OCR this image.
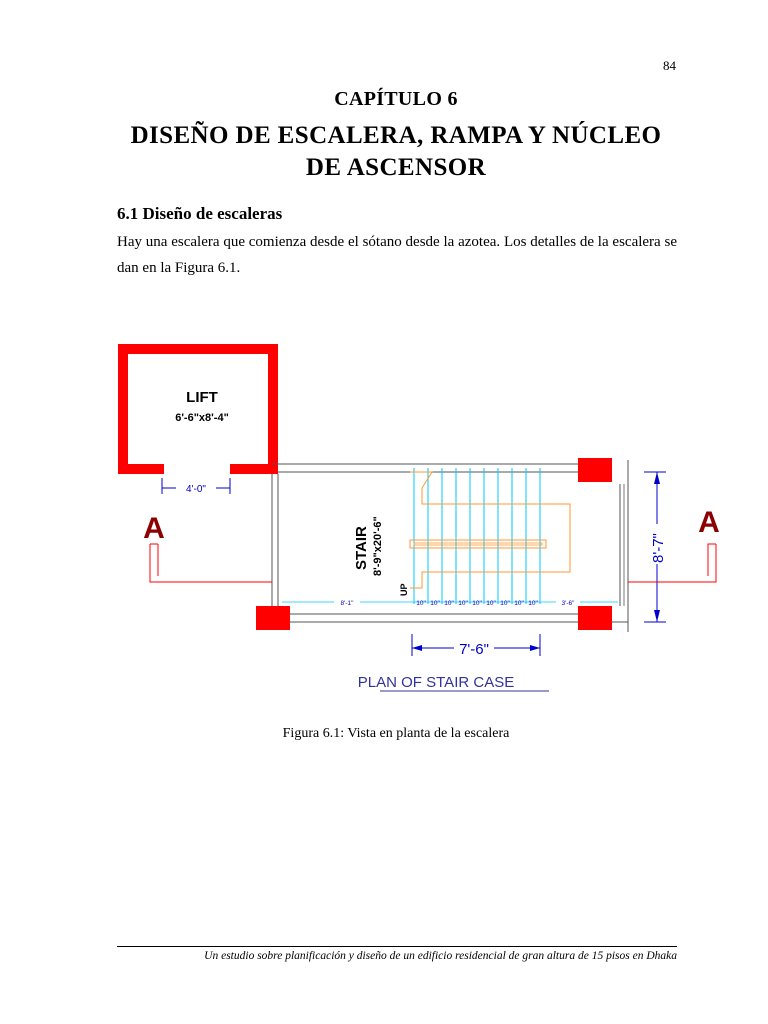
84
CAPÍTULO 6
DISEÑO DE ESCALERA, RAMPA Y NÚCLEO
DE ASCENSOR
6.1 Diseño de escaleras
Hay una escalera que comienza desde el sótano desde la azotea. Los detalles de la escalera se dan en la Figura 6.1.
LIFT
6'-6"x8'-4"
4'-0"
STAIR 8'-9"x20'-6"
UP
8'-1"	10" 10" 10" 10" 10" 10" 10" 10" 10"	3'-6"
7'-6"
8'-7"
A	A
PLAN OF STAIR CASE
Figura 6.1: Vista en planta de la escalera
Un estudio sobre planificación y diseño de un edificio residencial de gran altura de 15 pisos en Dhaka
